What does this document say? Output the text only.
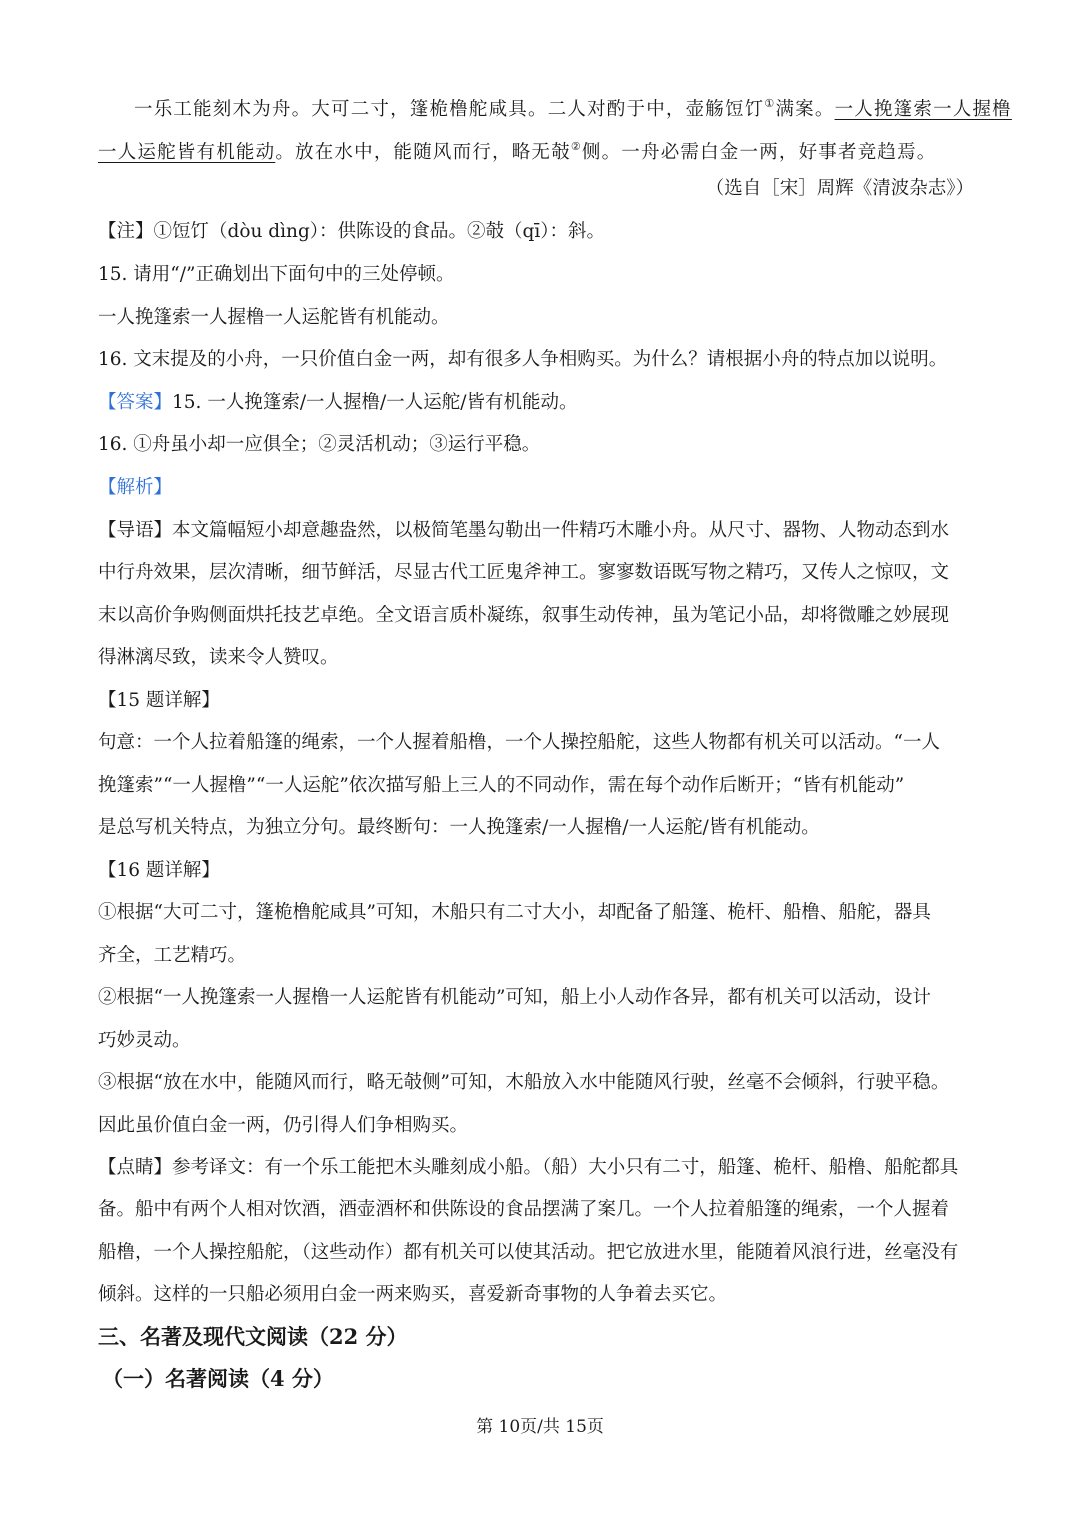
一乐工能刻木为舟。大可二寸，篷桅橹舵咸具。二人对酌于中，壶觞饾饤①满案。一人挽篷索一人握橹
一人运舵皆有机能动。放在水中，能随风而行，略无攲②侧。一舟必需白金一两，好事者竞趋焉。
（选自［宋］周辉《清波杂志》）
【注】①饾饤（dòu dìng）：供陈设的食品。②攲（qī）：斜。
15. 请用“/”正确划出下面句中的三处停顿。
一人挽篷索一人握橹一人运舵皆有机能动。
16. 文末提及的小舟，一只价值白金一两，却有很多人争相购买。为什么？请根据小舟的特点加以说明。
【答案】15. 一人挽篷索/一人握橹/一人运舵/皆有机能动。
16. ①舟虽小却一应俱全；②灵活机动；③运行平稳。
【解析】
【导语】本文篇幅短小却意趣盎然，以极简笔墨勾勒出一件精巧木雕小舟。从尺寸、器物、人物动态到水
中行舟效果，层次清晰，细节鲜活，尽显古代工匠鬼斧神工。寥寥数语既写物之精巧，又传人之惊叹，文
末以高价争购侧面烘托技艺卓绝。全文语言质朴凝练，叙事生动传神，虽为笔记小品，却将微雕之妙展现
得淋漓尽致，读来令人赞叹。
【15 题详解】
句意：一个人拉着船篷的绳索，一个人握着船橹，一个人操控船舵，这些人物都有机关可以活动。“一人
挽篷索”“一人握橹”“一人运舵”依次描写船上三人的不同动作，需在每个动作后断开；“皆有机能动”
是总写机关特点，为独立分句。最终断句：一人挽篷索/一人握橹/一人运舵/皆有机能动。
【16 题详解】
①根据“大可二寸，篷桅橹舵咸具”可知，木船只有二寸大小，却配备了船篷、桅杆、船橹、船舵，器具
齐全，工艺精巧。
②根据“一人挽篷索一人握橹一人运舵皆有机能动”可知，船上小人动作各异，都有机关可以活动，设计
巧妙灵动。
③根据“放在水中，能随风而行，略无攲侧”可知，木船放入水中能随风行驶，丝毫不会倾斜，行驶平稳。
因此虽价值白金一两，仍引得人们争相购买。
【点睛】参考译文：有一个乐工能把木头雕刻成小船。（船）大小只有二寸，船篷、桅杆、船橹、船舵都具
备。船中有两个人相对饮酒，酒壶酒杯和供陈设的食品摆满了案几。一个人拉着船篷的绳索，一个人握着
船橹，一个人操控船舵，（这些动作）都有机关可以使其活动。把它放进水里，能随着风浪行进，丝毫没有
倾斜。这样的一只船必须用白金一两来购买，喜爱新奇事物的人争着去买它。
三、名著及现代文阅读（22 分）
（一）名著阅读（4 分）
第 10页/共 15页
